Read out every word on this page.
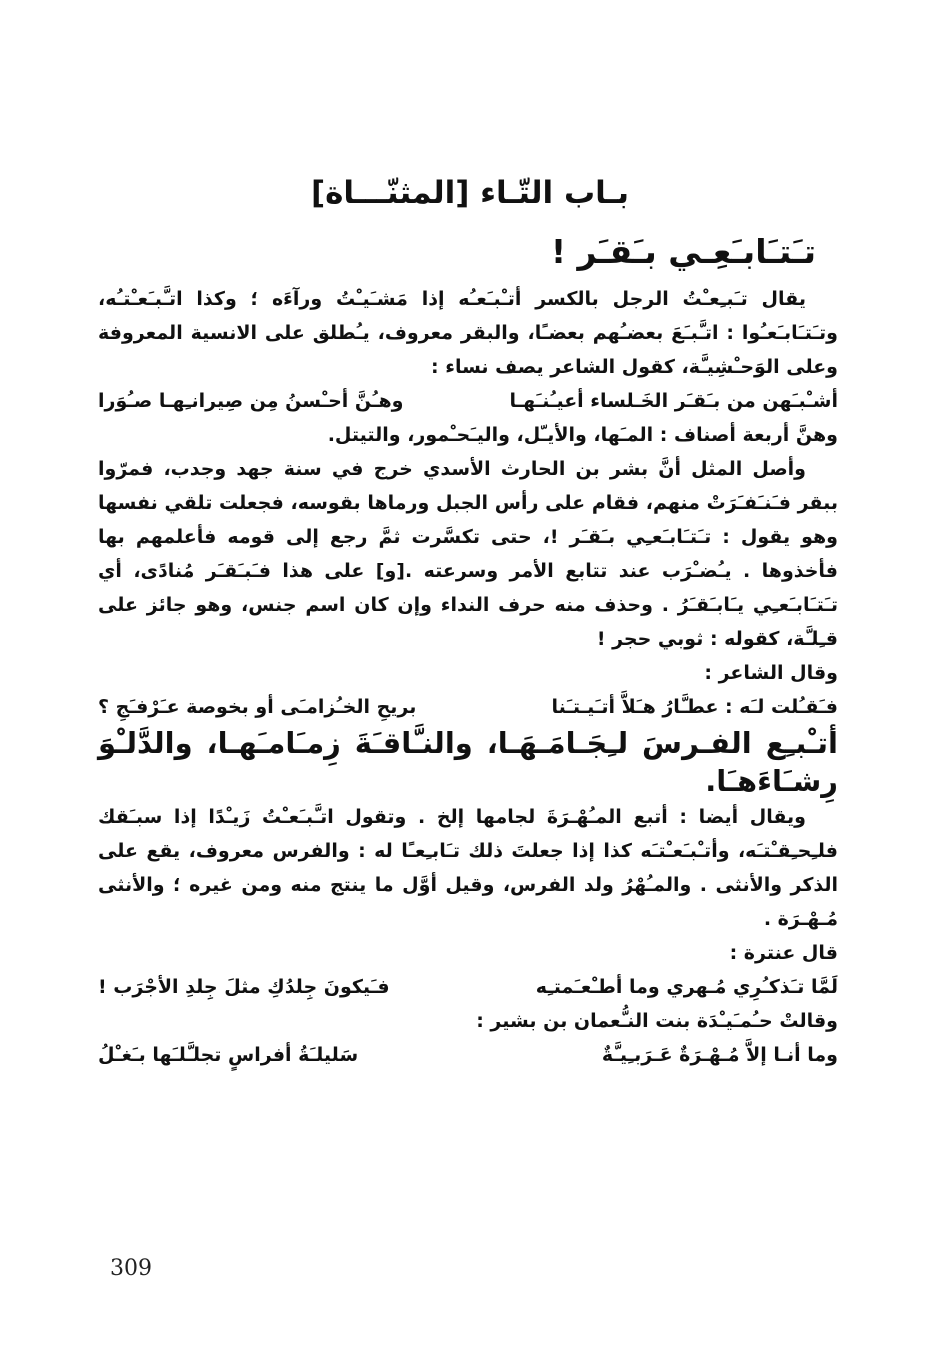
بـاب التّـاء [المثنّـــاة]
تـَتـَابـَعِـي بـَقـَر !

يقال تـَبـِعـْتُ الرجل بالكسر أتـْبـَعـُه إذا مَشـَيـْتُ ورآءَه ؛ وكذا اتـَّبـَعـْتـُه، وتـَتـَابـَعـُوا : اتـَّبـَعَ بعضـُهم بعضـًا، والبقر معروف، يـُطلق على الانسية المعروفة وعلى الوَحـْشِيـَّة، كقول الشاعر يصف نساء :

أشـْبـَهن من بـَقـَر الخَـلساء أعيـُنـَهـا
وهـُنَّ أحـْسنُ مِن صِيرانـِهـا صـُوَرا

وهنَّ أربعة أصناف : المـَها، والأيـّل، واليـَحـْمور، والتيتل.

وأصل المثل أنَّ بشر بن الحارث الأسدي خرج في سنة جهد وجدب، فمرّوا ببقر فـَنـَفـَرَتْ منهم، فقام على رأس الجبل ورماها بقوسه، فجعلت تلقي نفسها وهو يقول : تـَتـَابـَعـِي بـَقـَر !، حتى تكسَّرت ثمَّ رجع إلى قومه فأعلمهم بها فأخذوها . يـُضـْرَب عند تتابع الأمر وسرعته .[و] على هذا فـَبـَقـَر مُنادًى، أي تـَتـَابـَعـِي يـَابـَقـَرُ . وحذف منه حرف النداء وإن كان اسم جنس، وهو جائز على قـِلـَّة، كقوله : ثوبي حجر !

وقال الشاعر :

فـَقـُلت لـَه : عطـَّارُ هـَلاَّ أتـَيـتـَنا
بريحِ الخـُزامـَى أو بخوصة عـَرْفـَجِ ؟

أتـْبـِع الفـرسَ لـِجَـامَـهَـا، والنـَّاقـَةَ زِمـَامـَهـا، والدَّلـْوَ رِشـَاءَهـَا.

ويقال أيضا : أتبع المـُهْـرَةَ لجامها إلخ . وتقول اتـَّبـَعـْتُ زَيـْدًا إذا سبـَقك فلـِحـِقـْتـَه، وأتـْبـَعـْتـَه كذا إذا جعلتَ ذلك تـَابـِعـًا له : والفرس معروف، يقع على الذكر والأنثى . والمـُهْرُ ولد الفرس، وقيل أوَّل ما ينتج منه ومن غيره ؛ والأنثى مُـهْـرَة .

قال عنترة :

لَمَّا تـَذكـُرِي مُـهري وما أطـْعـَمتـِه
فـَيكونَ جِلدُكِ مثلَ جِلدِ الأجْرَب !

وقالتْ حـُمـَيـْدَة بنت النـُّعمان بن بشير :

وما أنـا إلاَّ مُـهْـرَةٌ عَـرَبـِيـَّةٌ
سَليلـَةُ أفراسٍ تجلـَّلـَها بـَغـْلُ
309
